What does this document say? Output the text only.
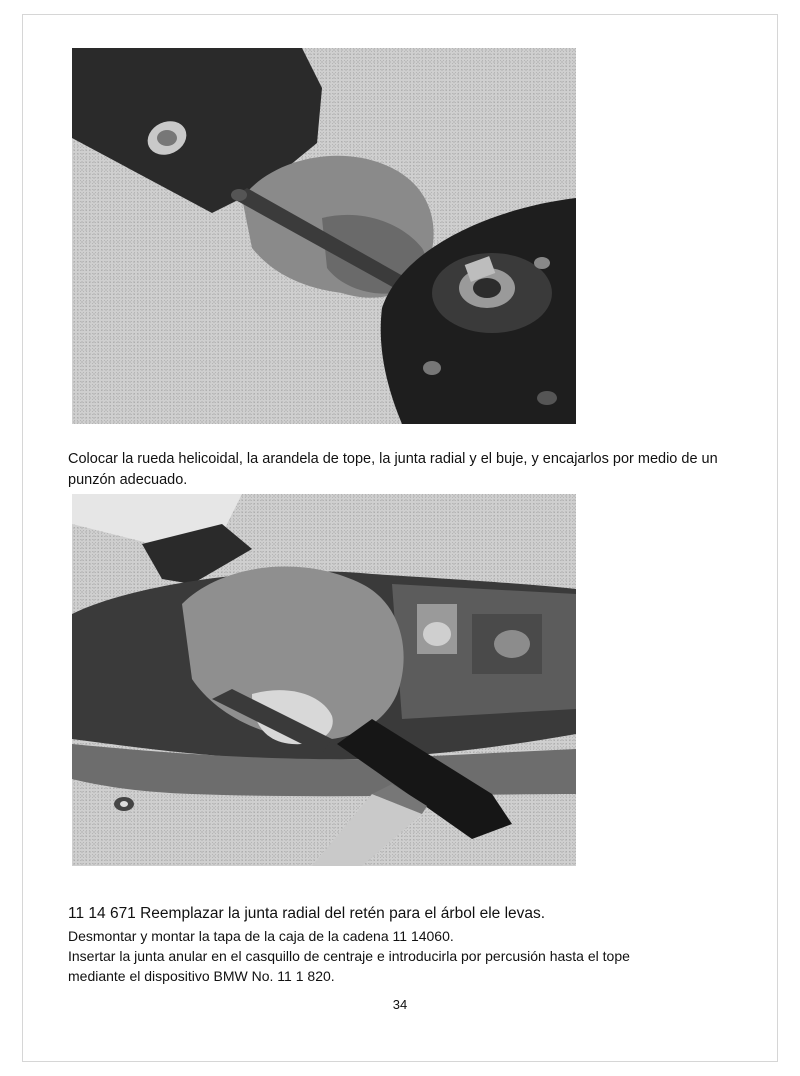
Colocar la rueda helicoidal, la arandela de tope, la junta radial y el buje, y encajarlos por medio de un punzón adecuado.
11 14 671 Reemplazar la junta radial del retén para el árbol ele levas.
Desmontar y montar la tapa de la caja de la cadena 11 14060.
Insertar la junta anular en el casquillo de centraje e introducirla por percusión hasta el tope
mediante el dispositivo BMW No. 11 1 820.
34
